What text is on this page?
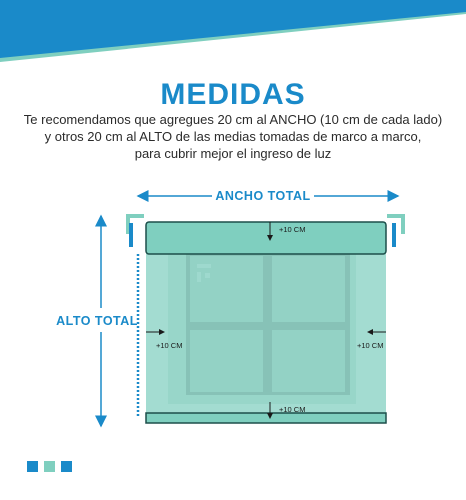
MEDIDAS
Te recomendamos que agregues 20 cm al ANCHO (10 cm de cada lado)
y otros 20 cm al ALTO de las medias tomadas de marco a marco,
para cubrir mejor el ingreso de luz
ANCHO TOTAL
ALTO TOTAL
+10 CM
+10 CM	+10 CM
+10 CM
